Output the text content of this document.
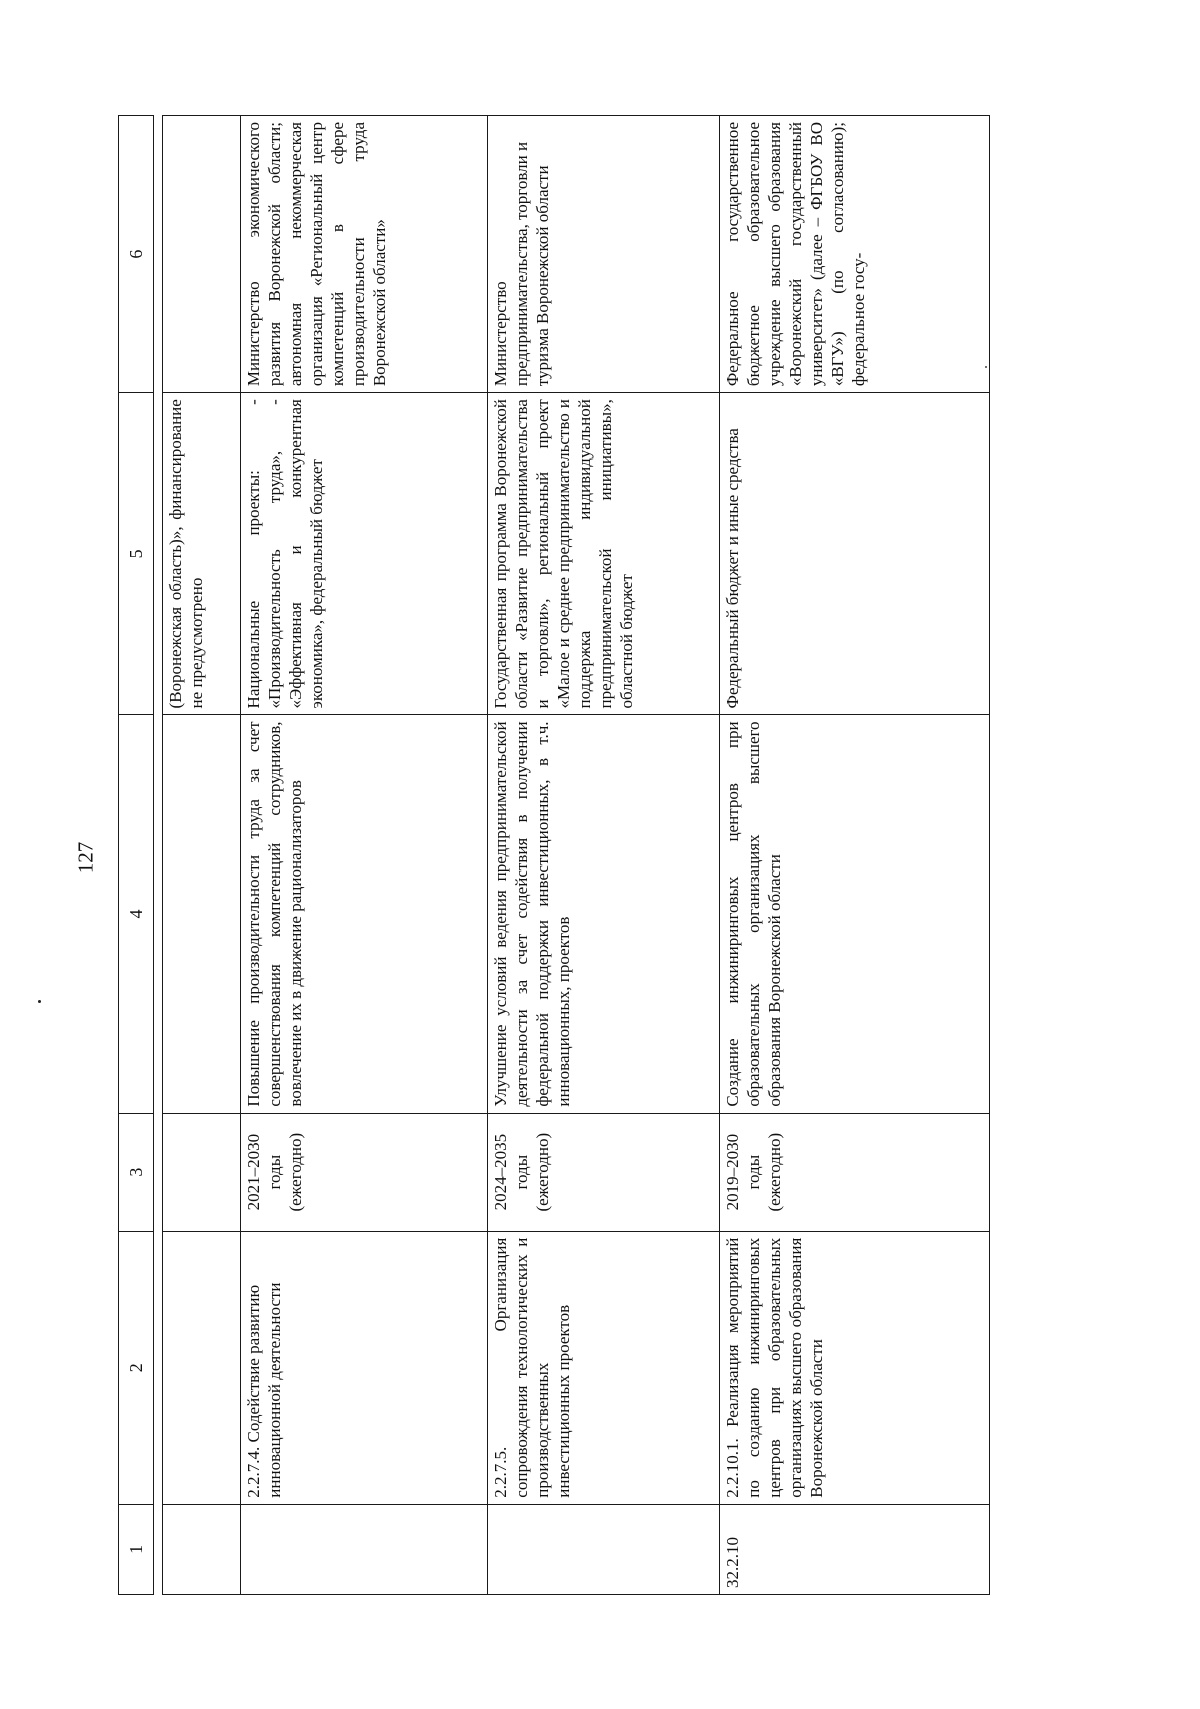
127
1	2	3	4	5	6

				(Воронежская область)», финансирование не предусмотрено	
	2.2.7.4. Содействие развитию инновационной деятельности	2021–2030 годы (ежегодно)	Повышение производительности труда за счет совершенствования компетенций сотрудников, вовлечение их в движение рационализаторов	Национальные проекты: - «Производительность труда», - «Эффективная и конкурентная экономика», федеральный бюджет	Министерство экономического развития Воронежской области; автономная некоммерческая организация «Региональный центр компетенций в сфере производительности труда Воронежской области»
	2.2.7.5. Организация сопровождения технологических и производственных инвестиционных проектов	2024–2035 годы (ежегодно)	Улучшение условий ведения предпринимательской деятельности за счет содействия в получении федеральной поддержки инвестиционных, в т.ч. инновационных, проектов	Государственная программа Воронежской области «Развитие предпринимательства и торговли», региональный проект «Малое и среднее предпринимательство и поддержка индивидуальной предпринимательской инициативы», областной бюджет	Министерство предпринимательства, торговли и туризма Воронежской области
32.2.10	2.2.10.1. Реализация мероприятий по созданию инжиниринговых центров при образовательных организациях высшего образования Воронежской области	2019–2030 годы (ежегодно)	Создание инжиниринговых центров при образовательных организациях высшего образования Воронежской области	Федеральный бюджет и иные средства	Федеральное государственное бюджетное образовательное учреждение высшего образования «Воронежский государственный университет» (далее – ФГБОУ ВО «ВГУ») (по согласованию); федеральное госу-
